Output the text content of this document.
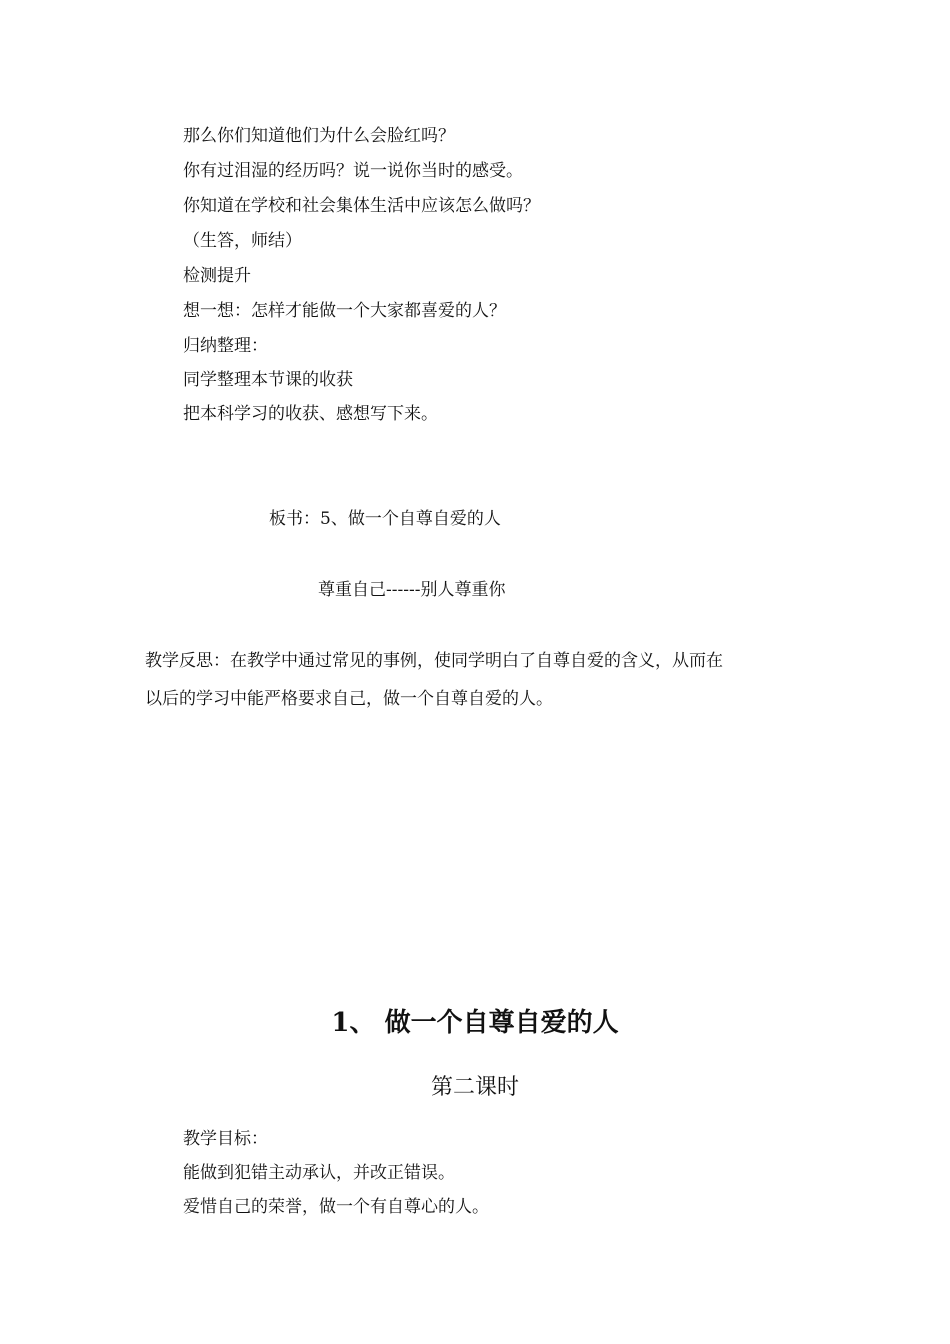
那么你们知道他们为什么会脸红吗？
你有过泪湿的经历吗？说一说你当时的感受。
你知道在学校和社会集体生活中应该怎么做吗？
（生答，师结）
检测提升
想一想：怎样才能做一个大家都喜爱的人？
归纳整理：
同学整理本节课的收获
把本科学习的收获、感想写下来。
板书：5、做一个自尊自爱的人
尊重自己------别人尊重你
教学反思：在教学中通过常见的事例，使同学明白了自尊自爱的含义，从而在
以后的学习中能严格要求自己，做一个自尊自爱的人。
1、 做一个自尊自爱的人
第二课时
教学目标：
能做到犯错主动承认，并改正错误。
爱惜自己的荣誉，做一个有自尊心的人。
